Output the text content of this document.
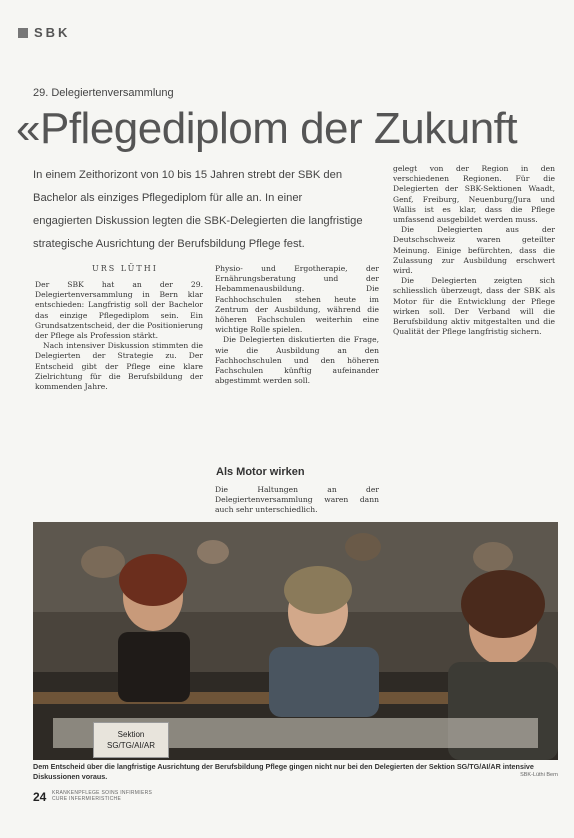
SBK
29. Delegiertenversammlung
«Pflegediplom der Zukunft
In einem Zeithorizont von 10 bis 15 Jahren strebt der SBK den Bachelor als einziges Pflegediplom für alle an. In einer engagierten Diskussion legten die SBK-Delegierten die langfristige strategische Ausrichtung der Berufsbildung Pflege fest.
URS LÜTHI

Der SBK hat an der 29. Delegiertenversammlung in Bern klar entschieden: Langfristig soll der Bachelor das einzige Pflegediplom sein. Ein Grundsatzentscheid, der die Positionierung der Pflege als Profession stärkt.

Nach intensiver Diskussion stimmten die Delegierten der Strategie zu. Der Entscheid gibt der Pflege eine klare Zielrichtung für die Berufsbildung der kommenden Jahre.

Physio- und Ergotherapie, der Ernährungsberatung und der Hebammenausbildung. Die Fachhochschulen stehen heute im Zentrum der Ausbildung, während die höheren Fachschulen weiterhin eine wichtige Rolle spielen.

Die Delegierten diskutierten die Frage, wie die Ausbildung an den Fachhochschulen und den höheren Fachschulen künftig aufeinander abgestimmt werden soll.

Als Motor wirken

Die Haltungen an der Delegiertenversammlung waren dann auch sehr unterschiedlich.

gelegt von der Region in den verschiedenen Regionen. Für die Delegierten der SBK-Sektionen Waadt, Genf, Freiburg, Neuenburg/Jura und Wallis ist es klar, dass die Pflege umfassend ausgebildet werden muss.

Die Delegierten aus der Deutschschweiz waren geteilter Meinung. Einige befürchten, dass die Zulassung zur Ausbildung erschwert wird.

Die Delegierten zeigten sich schliesslich überzeugt, dass der SBK als Motor für die Entwicklung der Pflege wirken soll. Der Verband will die Berufsbildung aktiv mitgestalten und die Qualität der Pflege langfristig sichern.

Sektion SG/TG/AI/AR
Dem Entscheid über die langfristige Ausrichtung der Berufsbildung Pflege gingen nicht nur bei den Delegierten der Sektion SG/TG/AI/AR intensive Diskussionen voraus.	SBK-Lüthi Bern
24 KRANKENPFLEGE SOINS INFIRMIERS
CURE INFERMIERISTICHE
